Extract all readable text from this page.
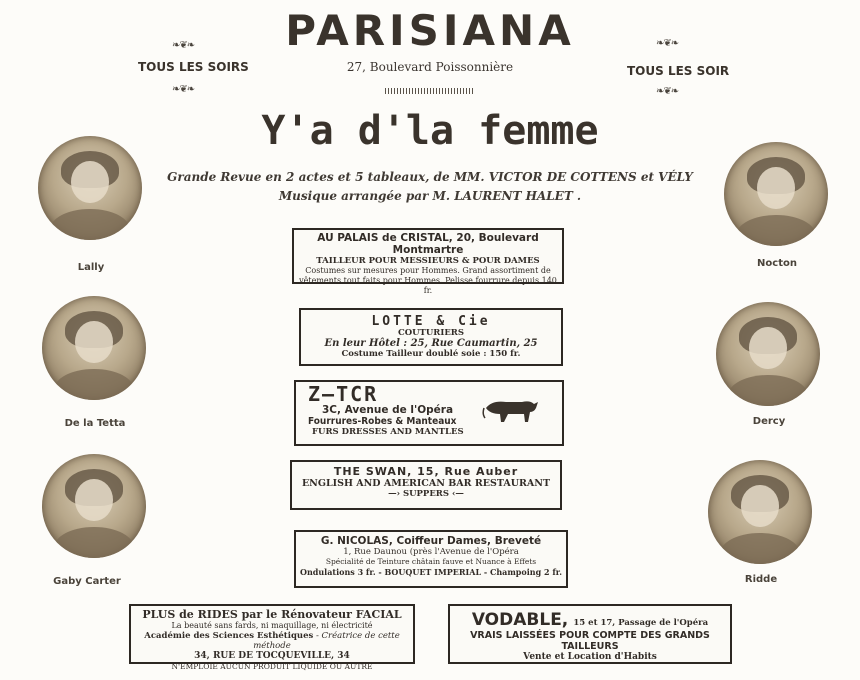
PARISIANA
27, Boulevard Poissonnière
❧❦❧
TOUS LES SOIRS
❧❦❧
❧❦❧
TOUS LES SOIR
❧❦❧
Y'a d'la femme
Grande Revue en 2 actes et 5 tableaux, de MM. VICTOR DE COTTENS et VÉLY
Musique arrangée par M. LAURENT HALET .
Lally
De la Tetta
Gaby Carter
Nocton
Dercy
Ridde
AU PALAIS de CRISTAL, 20, Boulevard Montmartre
TAILLEUR POUR MESSIEURS & POUR DAMES
Costumes sur mesures pour Hommes. Grand assortiment de
vêtements tout faits pour Hommes. Pelisse fourrure depuis 140 fr.
LOTTE & Cie
COUTURIERS
En leur Hôtel : 25, Rue Caumartin, 25
Costume Tailleur doublé soie : 150 fr.
Z—TCR
3C, Avenue de l'Opéra
Fourrures-Robes & Manteaux
FURS DRESSES AND MANTLES
THE SWAN, 15, Rue Auber
ENGLISH AND AMERICAN BAR RESTAURANT
—› SUPPERS ‹—
G. NICOLAS, Coiffeur Dames, Breveté
1, Rue Daunou (près l'Avenue de l'Opéra
Spécialité de Teinture châtain fauve et Nuance à Effets
Ondulations 3 fr. - BOUQUET IMPERIAL - Champoing 2 fr.
PLUS de RIDES par le Rénovateur FACIAL
La beauté sans fards, ni maquillage, ni électricité
Académie des Sciences Esthétiques - Créatrice de cette méthode
34, RUE DE TOCQUEVILLE, 34
N'EMPLOIE AUCUN PRODUIT LIQUIDE OU AUTRE
VODABLE, 15 et 17, Passage de l'Opéra
VRAIS LAISSÉES POUR COMPTE DES GRANDS TAILLEURS
Vente et Location d'Habits
